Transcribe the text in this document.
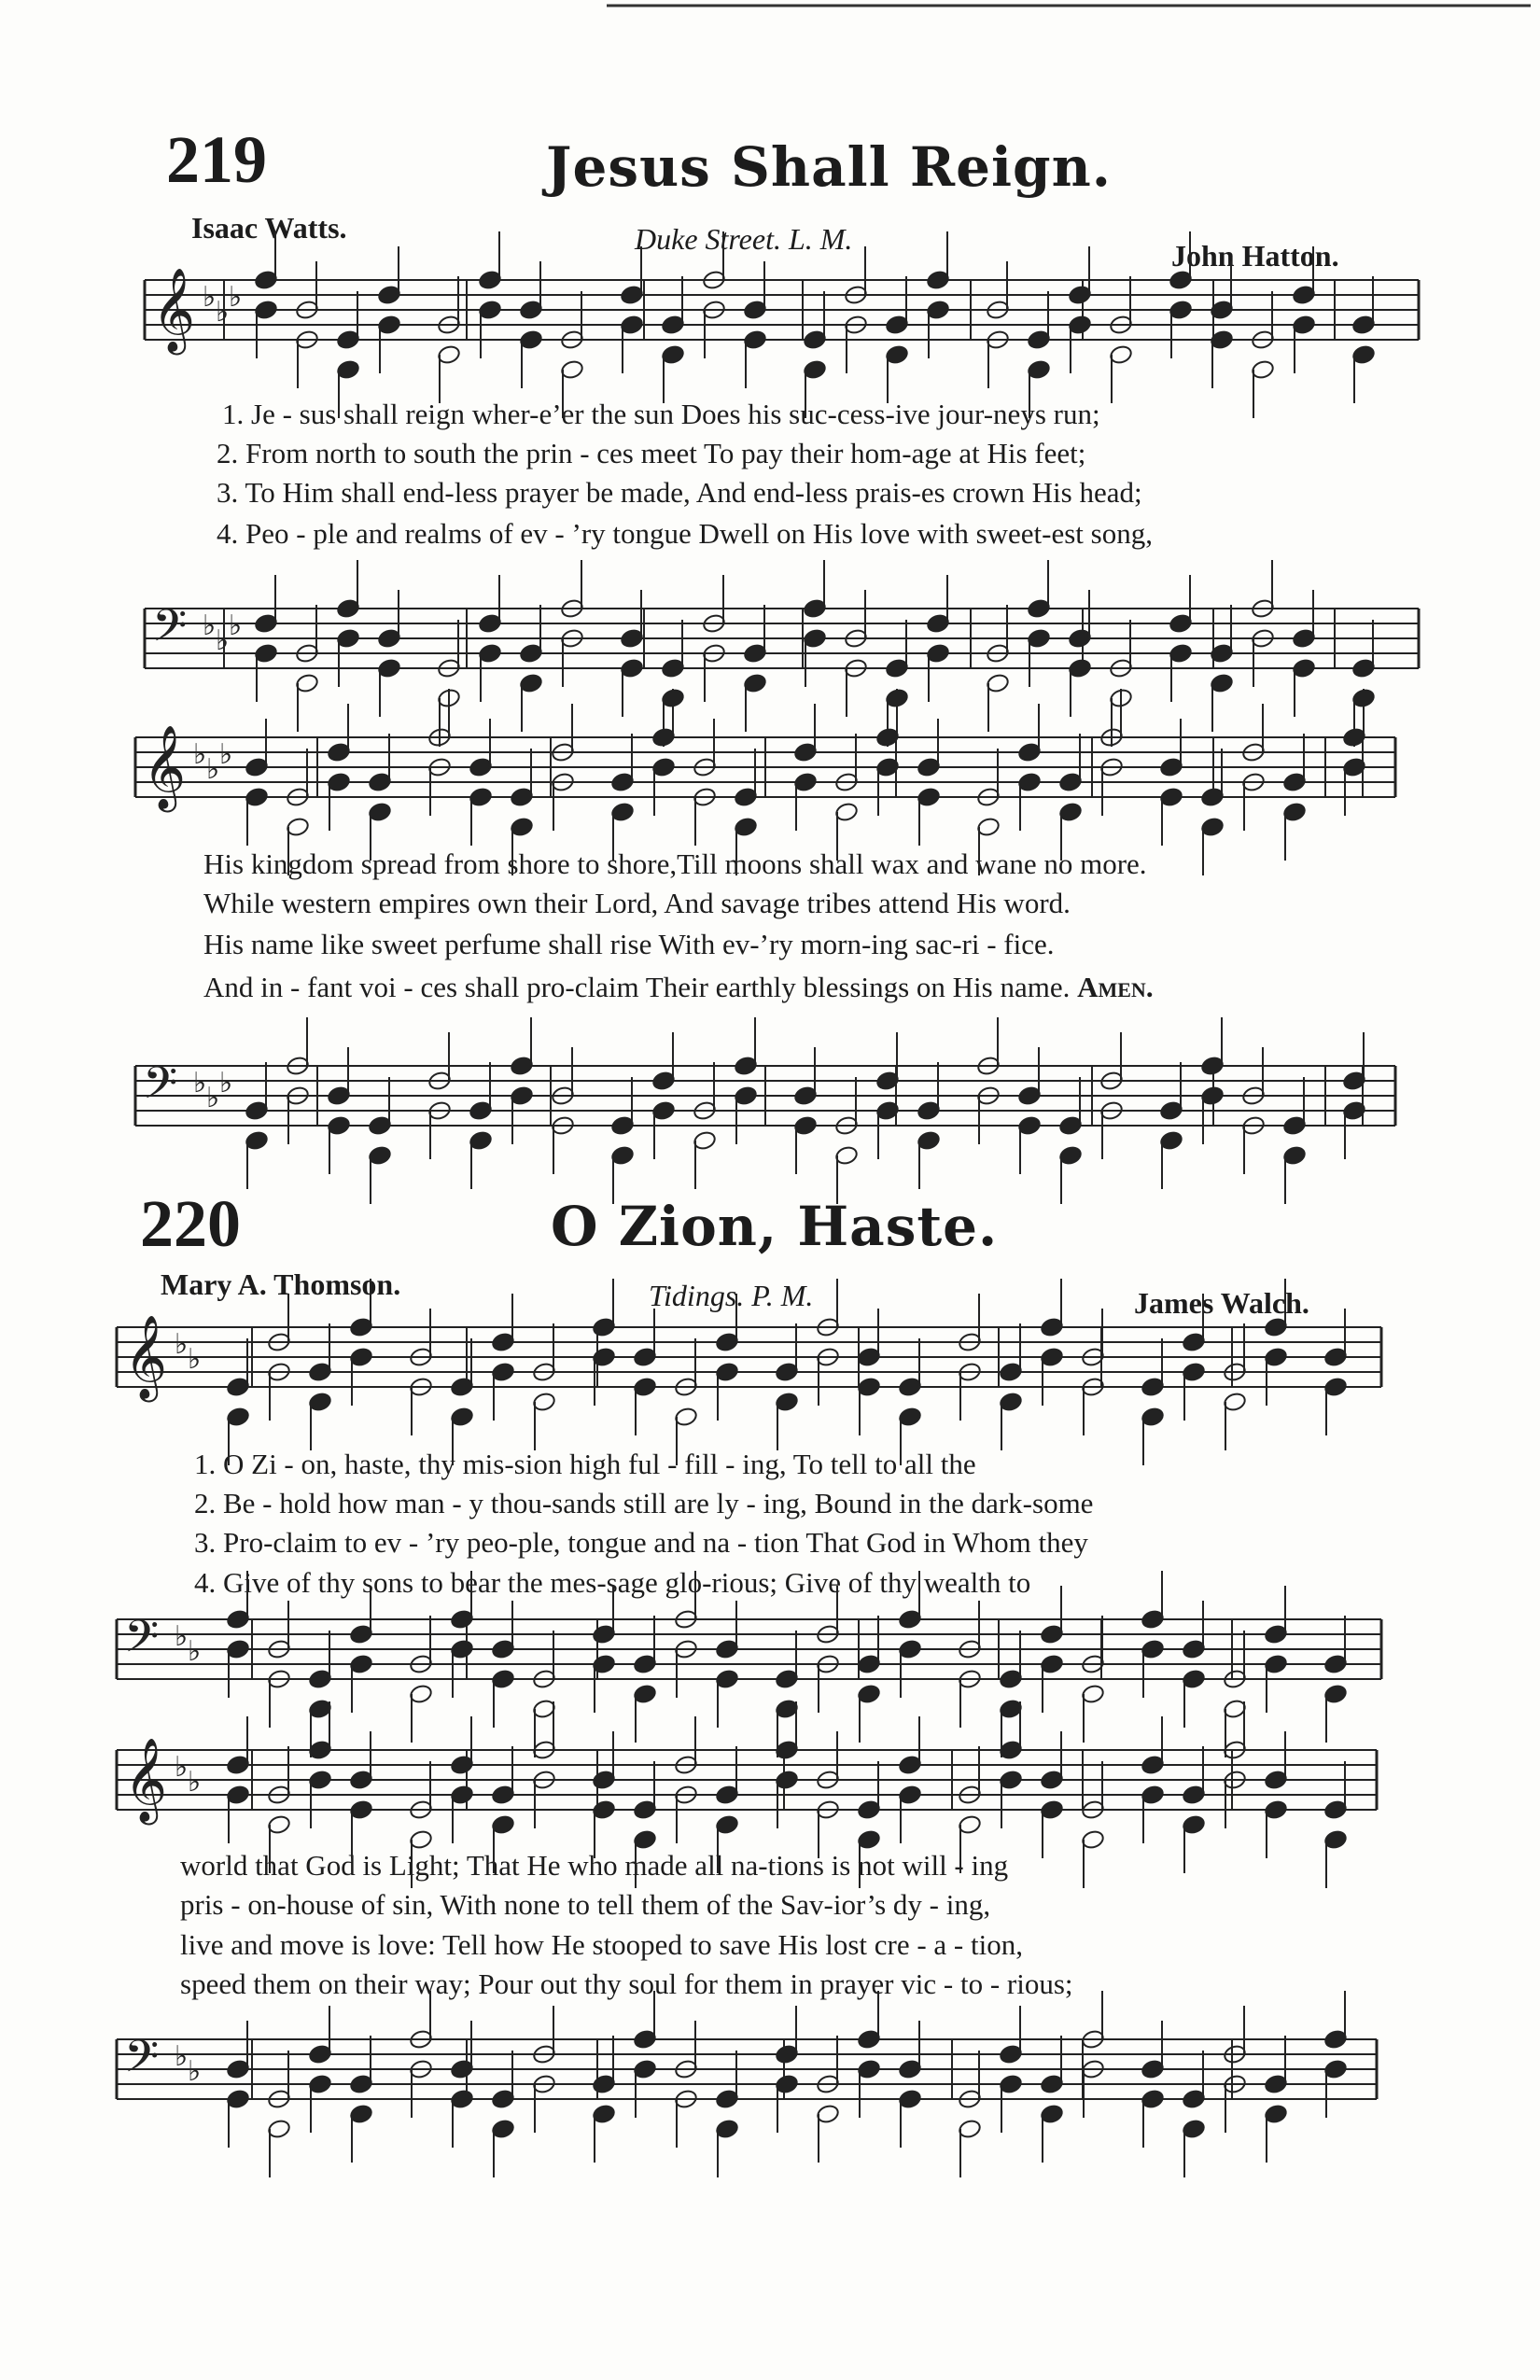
219	Jesus Shall Reign.
Isaac Watts.	Duke Street. L. M.	John Hatton.
1. Je - sus shall reign wher-e’er the sun Does his suc-cess-ive jour-neys run;
2. From north to south the prin - ces meet To pay their hom-age at His feet;
3. To Him shall end-less prayer be made, And end-less prais-es crown His head;
4. Peo - ple and realms of ev - ’ry tongue Dwell on His love with sweet-est song,
His kingdom spread from shore to shore,Till moons shall wax and wane no more.
While western empires own their Lord, And savage tribes attend His word.
His name like sweet perfume shall rise With ev-’ry morn-ing sac-ri - fice.
And in - fant voi - ces shall pro-claim Their earthly blessings on His name. Amen.
220	O Zion, Haste.
Mary A. Thomson.	Tidings. P. M.	James Walch.
1. O Zi - on, haste, thy mis-sion high ful - fill - ing, To tell to all the
2. Be - hold how man - y thou-sands still are ly - ing, Bound in the dark-some
3. Pro-claim to ev - ’ry peo-ple, tongue and na - tion That God in Whom they
4. Give of thy sons to bear the mes-sage glo-rious; Give of thy wealth to
world that God is Light; That He who made all na-tions is not will - ing
pris - on-house of sin, With none to tell them of the Sav-ior’s dy - ing,
live and move is love: Tell how He stooped to save His lost cre - a - tion,
speed them on their way; Pour out thy soul for them in prayer vic - to - rious;
𝄞 ♭ ♭ ♭
𝄢 ♭ ♭ ♭
𝄞 ♭ ♭ ♭
𝄢 ♭ ♭ ♭
𝄞 ♭ ♭
𝄢 ♭ ♭
𝄞 ♭ ♭
𝄢 ♭ ♭
